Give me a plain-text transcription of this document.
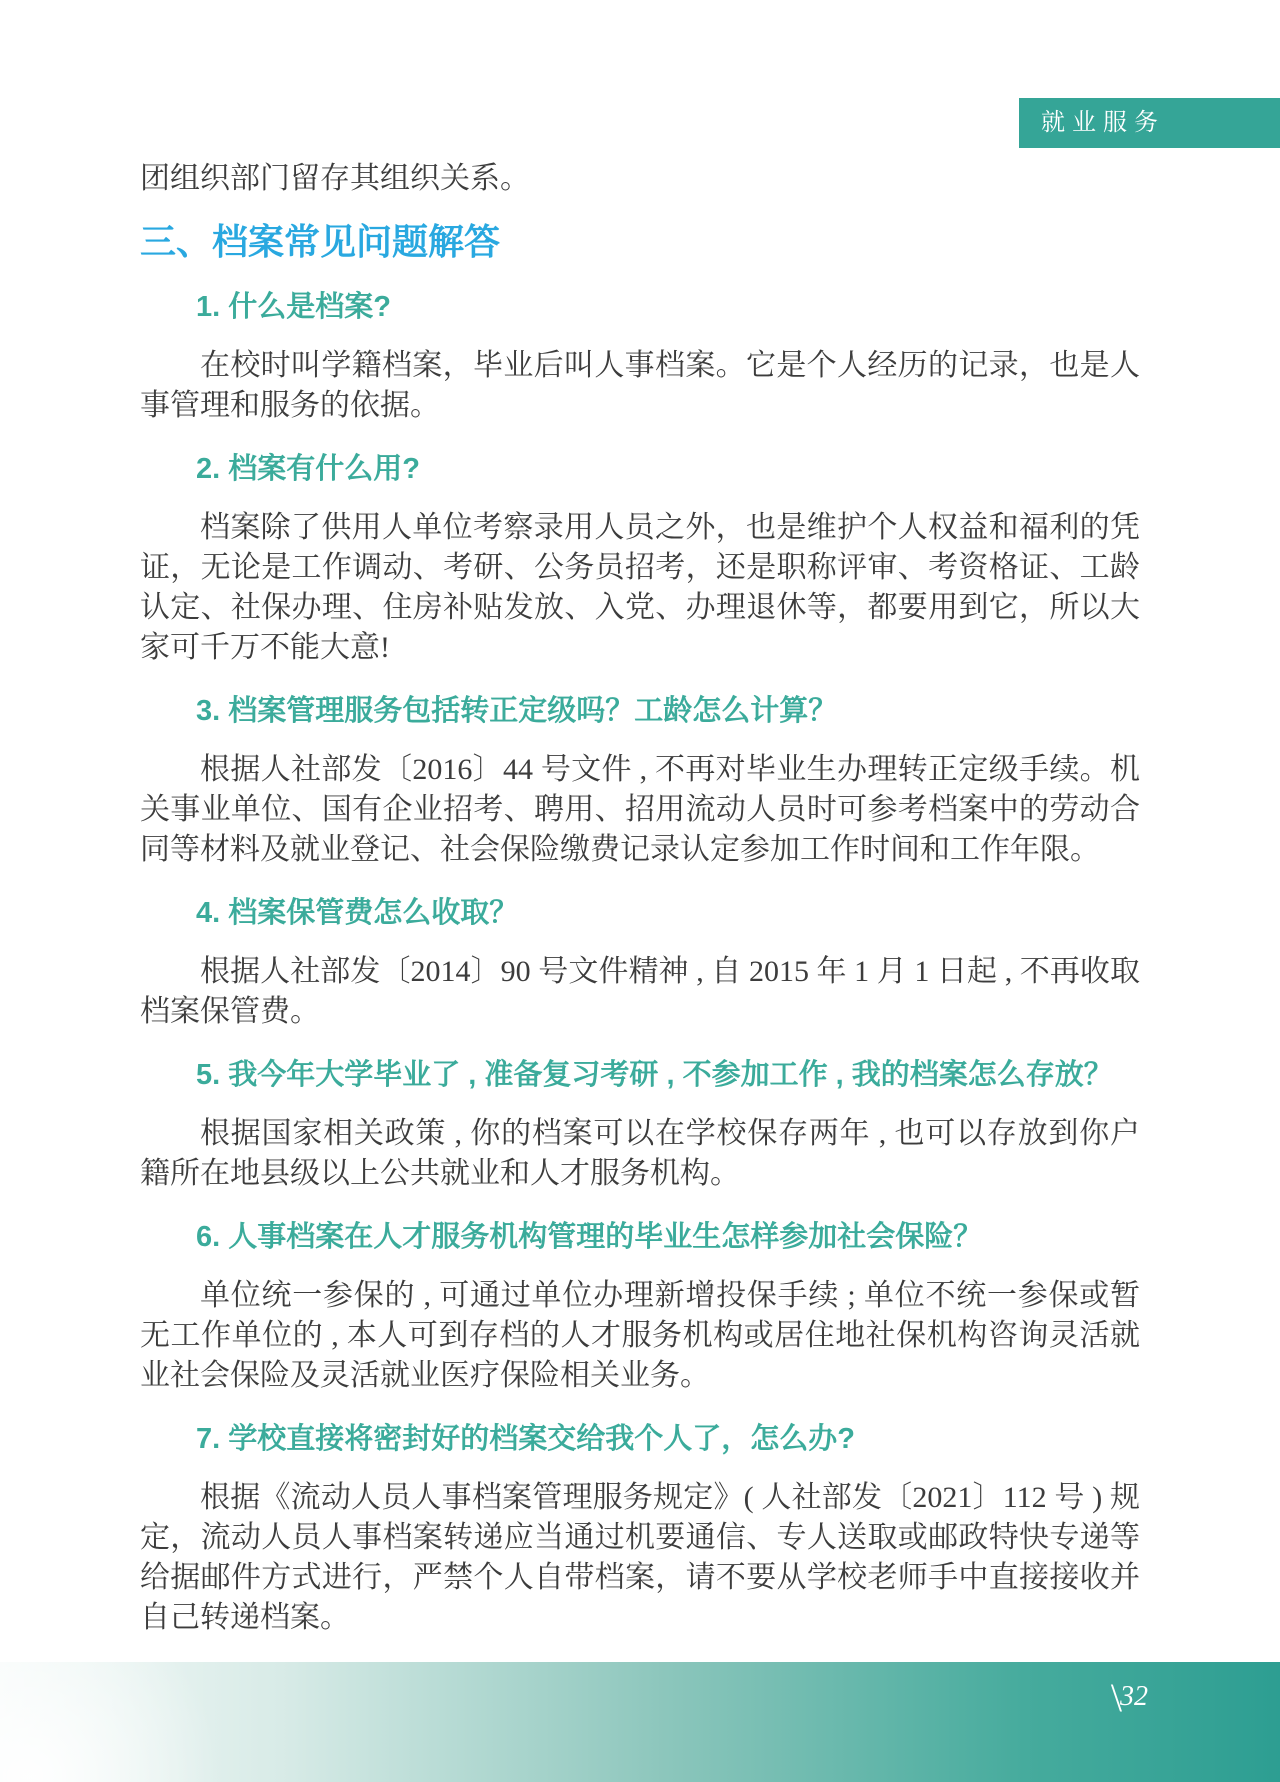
就业服务

团组织部门留存其组织关系。

三、档案常见问题解答
1. 什么是档案?

在校时叫学籍档案，毕业后叫人事档案。它是个人经历的记录，也是人事管理和服务的依据。

2. 档案有什么用?

档案除了供用人单位考察录用人员之外，也是维护个人权益和福利的凭证，无论是工作调动、考研、公务员招考，还是职称评审、考资格证、工龄认定、社保办理、住房补贴发放、入党、办理退休等，都要用到它，所以大家可千万不能大意!

3. 档案管理服务包括转正定级吗？工龄怎么计算？

根据人社部发〔2016〕44 号文件 , 不再对毕业生办理转正定级手续。机关事业单位、国有企业招考、聘用、招用流动人员时可参考档案中的劳动合同等材料及就业登记、社会保险缴费记录认定参加工作时间和工作年限。

4. 档案保管费怎么收取？

根据人社部发〔2014〕90 号文件精神 , 自 2015 年 1 月 1 日起 , 不再收取档案保管费。

5. 我今年大学毕业了 , 准备复习考研 , 不参加工作 , 我的档案怎么存放？

根据国家相关政策 , 你的档案可以在学校保存两年 , 也可以存放到你户籍所在地县级以上公共就业和人才服务机构。

6. 人事档案在人才服务机构管理的毕业生怎样参加社会保险？

单位统一参保的 , 可通过单位办理新增投保手续 ; 单位不统一参保或暂无工作单位的 , 本人可到存档的人才服务机构或居住地社保机构咨询灵活就业社会保险及灵活就业医疗保险相关业务。

7. 学校直接将密封好的档案交给我个人了，怎么办?

根据《流动人员人事档案管理服务规定》( 人社部发〔2021〕112 号 ) 规定，流动人员人事档案转递应当通过机要通信、专人送取或邮政特快专递等给据邮件方式进行，严禁个人自带档案，请不要从学校老师手中直接接收并自己转递档案。

\32
